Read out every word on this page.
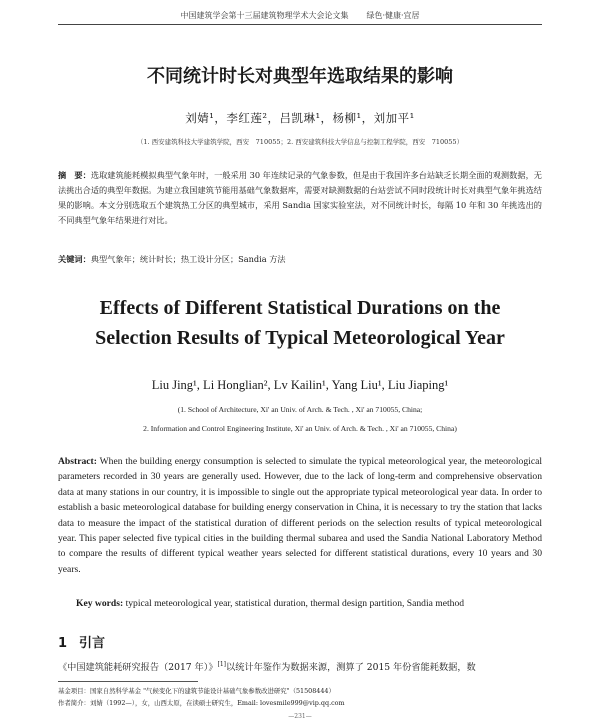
中国建筑学会第十三届建筑物理学术大会论文集 绿色·健康·宜居
不同统计时长对典型年选取结果的影响
刘婧¹，李红莲²，吕凯琳¹，杨柳¹，刘加平¹
（1. 西安建筑科技大学建筑学院，西安　710055；2. 西安建筑科技大学信息与控制工程学院，西安　710055）
摘　要：选取建筑能耗模拟典型气象年时，一般采用 30 年连续记录的气象参数，但是由于我国许多台站缺乏长期全面的观测数据，无法挑出合适的典型年数据。为建立我国建筑节能用基础气象数据库，需要对缺测数据的台站尝试不同时段统计时长对典型气象年挑选结果的影响。本文分别选取五个建筑热工分区的典型城市，采用 Sandia 国家实验室法，对不同统计时长，每隔 10 年和 30 年挑选出的不同典型气象年结果进行对比。
关键词：典型气象年；统计时长；热工设计分区；Sandia 方法
Effects of Different Statistical Durations on the
Selection Results of Typical Meteorological Year
Liu Jing¹, Li Honglian², Lv Kailin¹, Yang Liu¹, Liu Jiaping¹
(1. School of Architecture, Xi' an Univ. of Arch. & Tech. , Xi' an 710055, China;
2. Information and Control Engineering Institute, Xi' an Univ. of Arch. & Tech. , Xi' an 710055, China)
Abstract: When the building energy consumption is selected to simulate the typical meteorological year, the meteorological parameters recorded in 30 years are generally used. However, due to the lack of long-term and comprehensive observation data at many stations in our country, it is impossible to single out the appropriate typical meteorological year data. In order to establish a basic meteorological database for building energy conservation in China, it is necessary to try the station that lacks data to measure the impact of the statistical duration of different periods on the selection results of typical meteorological year. This paper selected five typical cities in the building thermal subarea and used the Sandia National Laboratory Method to compare the results of different typical weather years selected for different statistical durations, every 10 years and 30 years.
Key words: typical meteorological year, statistical duration, thermal design partition, Sandia method
1 引言
《中国建筑能耗研究报告（2017 年）》[1]以统计年鉴作为数据来源，测算了 2015 年份省能耗数据，数
基金项目：国家自然科学基金 "气候变化下的建筑节能设计基础气象参数改进研究"（51508444）
作者简介：刘婧（1992—），女，山西太原，在读硕士研究生，Email: lovesmile999@vip.qq.com
—231—
